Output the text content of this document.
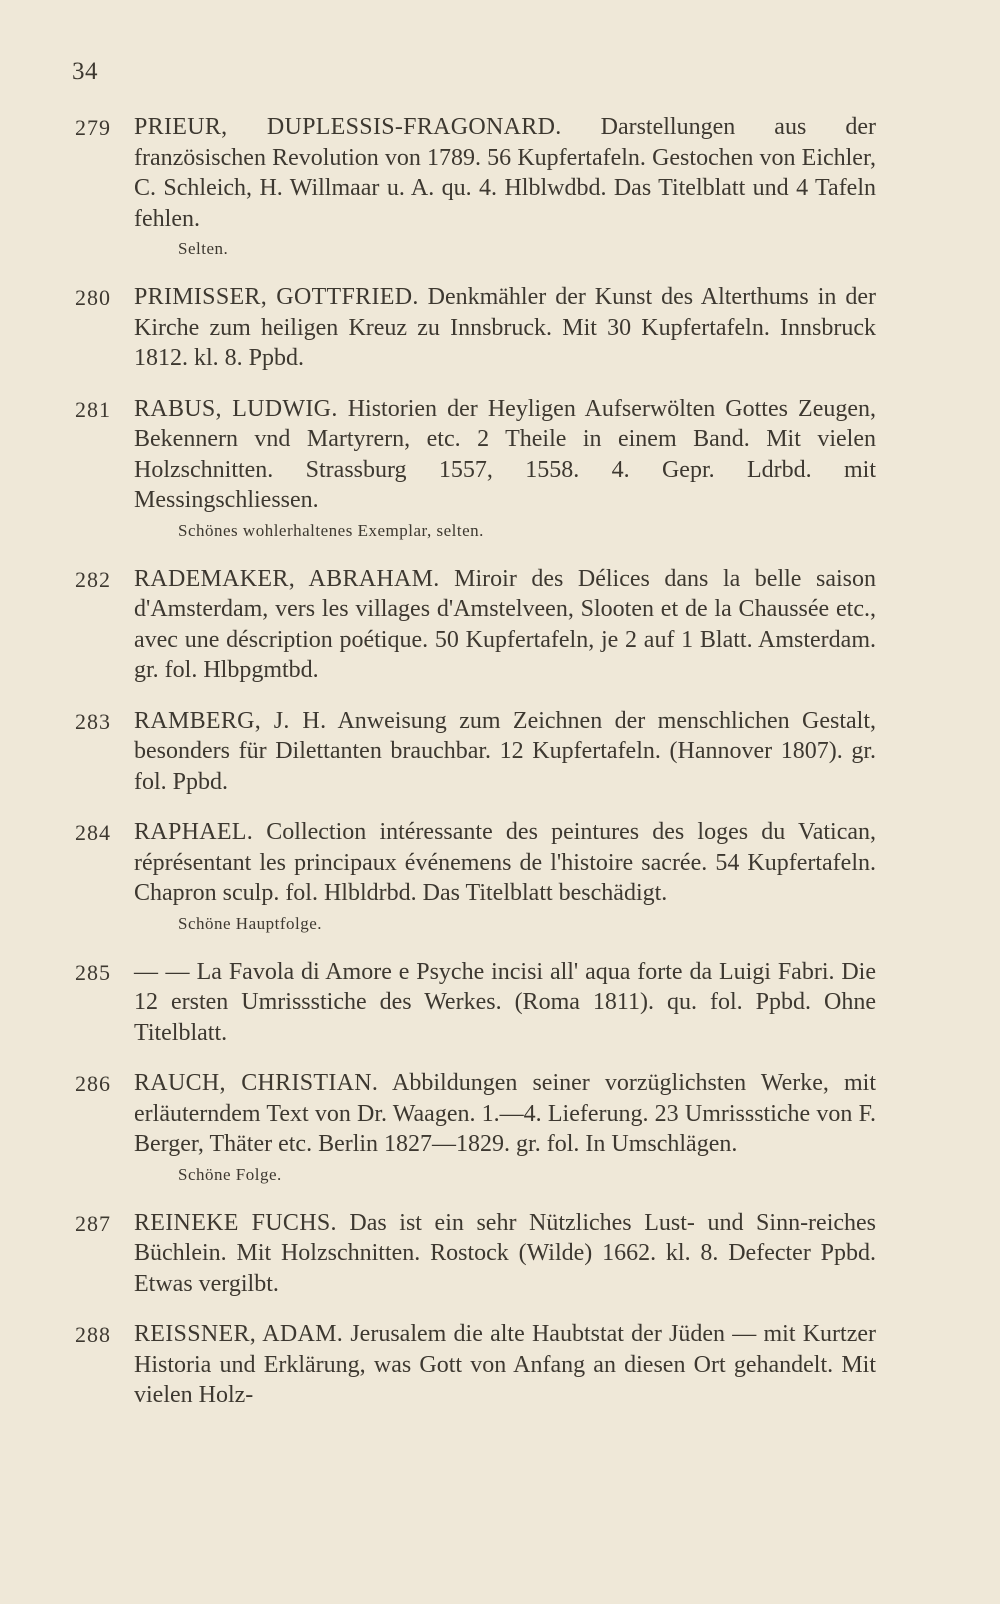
34
279 PRIEUR, DUPLESSIS-FRAGONARD. Darstellungen aus der französischen Revolution von 1789. 56 Kupfertafeln. Gestochen von Eichler, C. Schleich, H. Willmaar u. A. qu. 4. Hlblwdbd. Das Titelblatt und 4 Tafeln fehlen.
Selten.
280 PRIMISSER, GOTTFRIED. Denkmähler der Kunst des Alterthums in der Kirche zum heiligen Kreuz zu Innsbruck. Mit 30 Kupfertafeln. Innsbruck 1812. kl. 8. Ppbd.
281 RABUS, LUDWIG. Historien der Heyligen Aufserwölten Gottes Zeugen, Bekennern vnd Martyrern, etc. 2 Theile in einem Band. Mit vielen Holzschnitten. Strassburg 1557, 1558. 4. Gepr. Ldrbd. mit Messingschliessen.
Schönes wohlerhaltenes Exemplar, selten.
282 RADEMAKER, ABRAHAM. Miroir des Délices dans la belle saison d'Amsterdam, vers les villages d'Amstelveen, Slooten et de la Chaussée etc., avec une déscription poétique. 50 Kupfertafeln, je 2 auf 1 Blatt. Amsterdam. gr. fol. Hlbpgmtbd.
283 RAMBERG, J. H. Anweisung zum Zeichnen der menschlichen Gestalt, besonders für Dilettanten brauchbar. 12 Kupfertafeln. (Hannover 1807). gr. fol. Ppbd.
284 RAPHAEL. Collection intéressante des peintures des loges du Vatican, réprésentant les principaux événemens de l'histoire sacrée. 54 Kupfertafeln. Chapron sculp. fol. Hlbldrbd. Das Titelblatt beschädigt.
Schöne Hauptfolge.
285 — — La Favola di Amore e Psyche incisi all' aqua forte da Luigi Fabri. Die 12 ersten Umrissstiche des Werkes. (Roma 1811). qu. fol. Ppbd. Ohne Titelblatt.
286 RAUCH, CHRISTIAN. Abbildungen seiner vorzüglichsten Werke, mit erläuterndem Text von Dr. Waagen. 1.—4. Lieferung. 23 Umrissstiche von F. Berger, Thäter etc. Berlin 1827—1829. gr. fol. In Umschlägen.
Schöne Folge.
287 REINEKE FUCHS. Das ist ein sehr Nützliches Lust- und Sinn-reiches Büchlein. Mit Holzschnitten. Rostock (Wilde) 1662. kl. 8. Defecter Ppbd. Etwas vergilbt.
288 REISSNER, ADAM. Jerusalem die alte Haubtstat der Jüden — mit Kurtzer Historia und Erklärung, was Gott von Anfang an diesen Ort gehandelt. Mit vielen Holz-
